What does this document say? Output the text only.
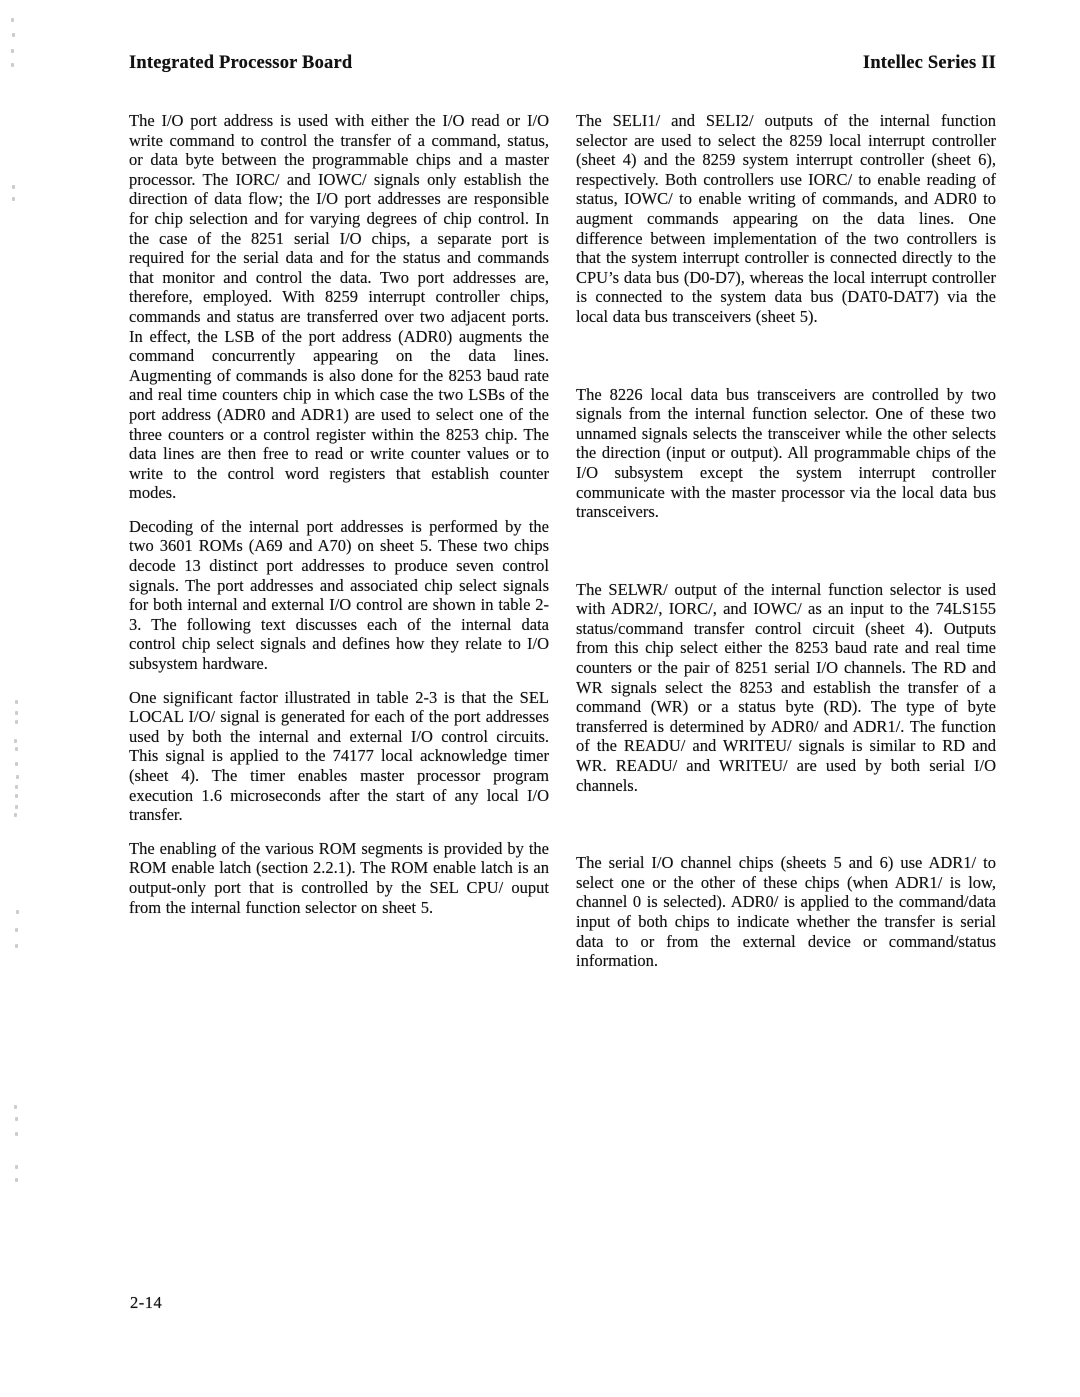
Integrated Processor Board	Intellec Series II

The I/O port address is used with either the I/O read or I/O write command to control the transfer of a command, status, or data byte between the programmable chips and a master processor. The IORC/ and IOWC/ signals only establish the direction of data flow; the I/O port addresses are responsible for chip selection and for varying degrees of chip control. In the case of the 8251 serial I/O chips, a separate port is required for the serial data and for the status and commands that monitor and control the data. Two port addresses are, therefore, employed. With 8259 interrupt controller chips, commands and status are transferred over two adjacent ports. In effect, the LSB of the port address (ADR0) augments the command concurrently appearing on the data lines. Augmenting of commands is also done for the 8253 baud rate and real time counters chip in which case the two LSBs of the port address (ADR0 and ADR1) are used to select one of the three counters or a control register within the 8253 chip. The data lines are then free to read or write counter values or to write to the control word registers that establish counter modes.

Decoding of the internal port addresses is performed by the two 3601 ROMs (A69 and A70) on sheet 5. These two chips decode 13 distinct port addresses to produce seven control signals. The port addresses and associated chip select signals for both internal and external I/O control are shown in table 2-3. The following text discusses each of the internal data control chip select signals and defines how they relate to I/O subsystem hardware.

One significant factor illustrated in table 2-3 is that the SEL LOCAL I/O/ signal is generated for each of the port addresses used by both the internal and external I/O control circuits. This signal is applied to the 74177 local acknowledge timer (sheet 4). The timer enables master processor program execution 1.6 microseconds after the start of any local I/O transfer.

The enabling of the various ROM segments is provided by the ROM enable latch (section 2.2.1). The ROM enable latch is an output-only port that is controlled by the SEL CPU/ ouput from the internal function selector on sheet 5.

The SELI1/ and SELI2/ outputs of the internal function selector are used to select the 8259 local interrupt controller (sheet 4) and the 8259 system interrupt controller (sheet 6), respectively. Both controllers use IORC/ to enable reading of status, IOWC/ to enable writing of commands, and ADR0 to augment commands appearing on the data lines. One difference between implementation of the two controllers is that the system interrupt controller is connected directly to the CPU’s data bus (D0-D7), whereas the local interrupt controller is connected to the system data bus (DAT0-DAT7) via the local data bus transceivers (sheet 5).

The 8226 local data bus transceivers are controlled by two signals from the internal function selector. One of these two unnamed signals selects the transceiver while the other selects the direction (input or output). All programmable chips of the I/O subsystem except the system interrupt controller communicate with the master processor via the local data bus transceivers.

The SELWR/ output of the internal function selector is used with ADR2/, IORC/, and IOWC/ as an input to the 74LS155 status/command transfer control circuit (sheet 4). Outputs from this chip select either the 8253 baud rate and real time counters or the pair of 8251 serial I/O channels. The RD and WR signals select the 8253 and establish the transfer of a command (WR) or a status byte (RD). The type of byte transferred is determined by ADR0/ and ADR1/. The function of the READU/ and WRITEU/ signals is similar to RD and WR. READU/ and WRITEU/ are used by both serial I/O channels.

The serial I/O channel chips (sheets 5 and 6) use ADR1/ to select one or the other of these chips (when ADR1/ is low, channel 0 is selected). ADR0/ is applied to the command/data input of both chips to indicate whether the transfer is serial data to or from the external device or command/status information.

2-14
